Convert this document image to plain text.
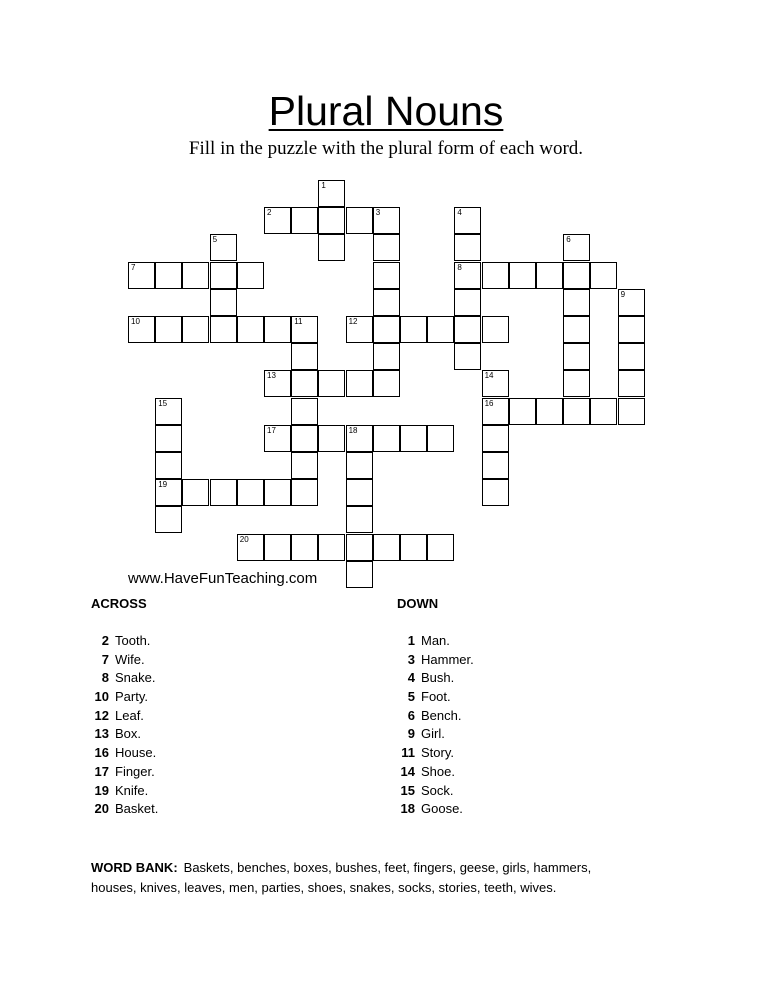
Plural Nouns
Fill in the puzzle with the plural form of each word.
1
2	3	4
8
5	6
7
9
10	11	12
13	14
16
15
19
17	18
20
www.HaveFunTeaching.com
ACROSS
2 Tooth.
7 Wife.
8 Snake.
10 Party.
12 Leaf.
13 Box.
16 House.
17 Finger.
19 Knife.
20 Basket.
DOWN
1 Man.
3 Hammer.
4 Bush.
5 Foot.
6 Bench.
9 Girl.
11 Story.
14 Shoe.
15 Sock.
18 Goose.
WORD BANK: Baskets, benches, boxes, bushes, feet, fingers, geese, girls, hammers, houses, knives, leaves, men, parties, shoes, snakes, socks, stories, teeth, wives.
